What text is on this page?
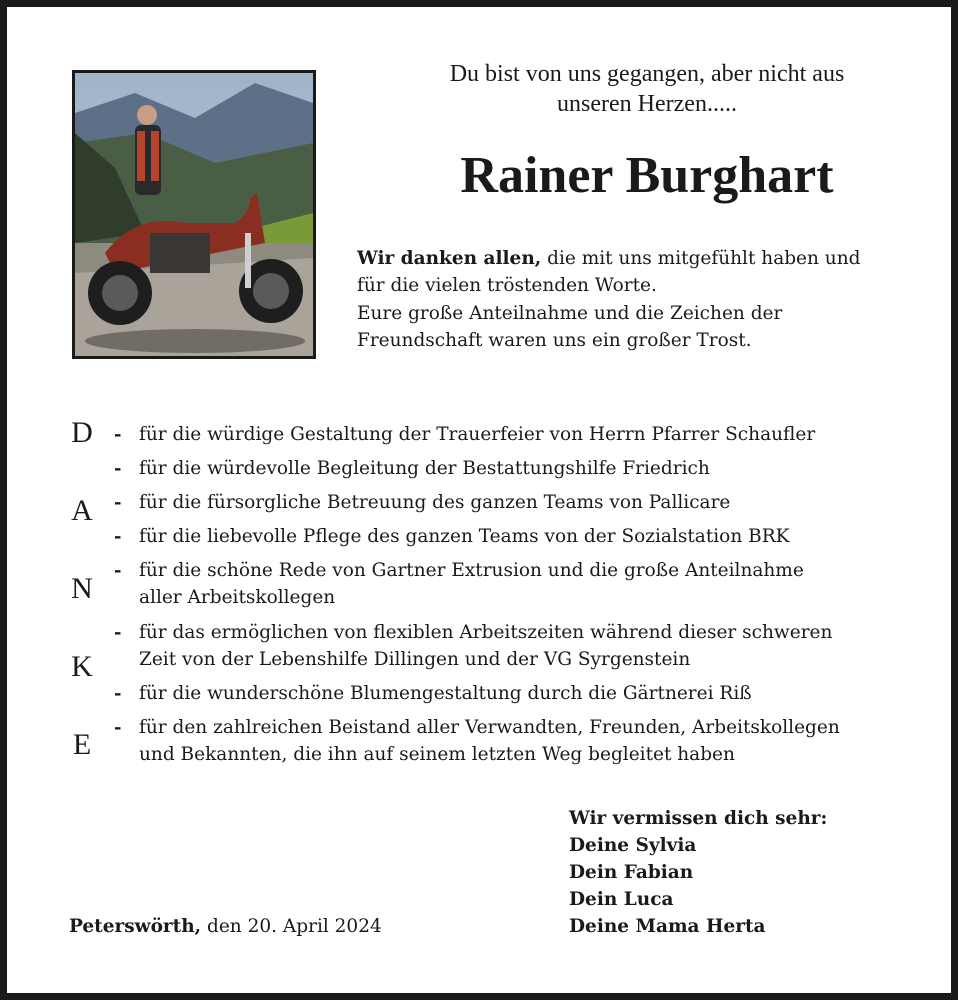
Du bist von uns gegangen, aber nicht aus
unseren Herzen.....
Rainer Burghart
Wir danken allen, die mit uns mitgefühlt haben und
für die vielen tröstenden Worte.
Eure große Anteilnahme und die Zeichen der
Freundschaft waren uns ein großer Trost.
D
A
N
K
E
- für die würdige Gestaltung der Trauerfeier von Herrn Pfarrer Schaufler
- für die würdevolle Begleitung der Bestattungshilfe Friedrich
- für die fürsorgliche Betreuung des ganzen Teams von Pallicare
- für die liebevolle Pflege des ganzen Teams von der Sozialstation BRK
- für die schöne Rede von Gartner Extrusion und die große Anteilnahme
aller Arbeitskollegen
- für das ermöglichen von flexiblen Arbeitszeiten während dieser schweren
Zeit von der Lebenshilfe Dillingen und der VG Syrgenstein
- für die wunderschöne Blumengestaltung durch die Gärtnerei Riß
- für den zahlreichen Beistand aller Verwandten, Freunden, Arbeitskollegen
und Bekannten, die ihn auf seinem letzten Weg begleitet haben
Wir vermissen dich sehr:
Deine Sylvia
Dein Fabian
Dein Luca
Deine Mama Herta
Peterswörth, den 20. April 2024
